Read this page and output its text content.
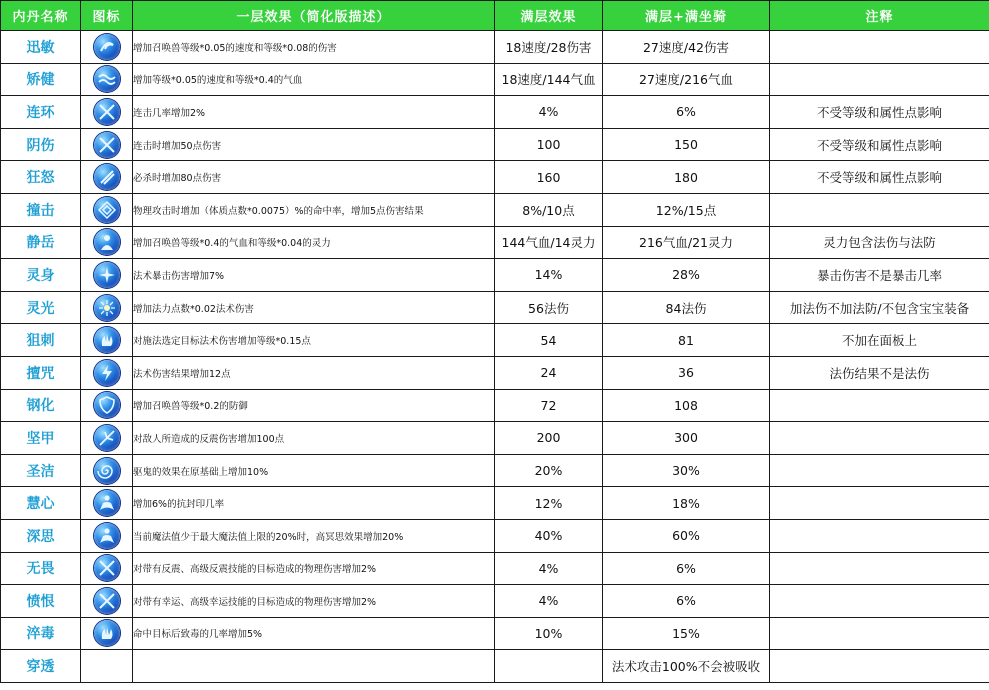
内丹名称	图标	一层效果（简化版描述）	满层效果	满层+满坐骑	注释
迅敏		增加召唤兽等级*0.05的速度和等级*0.08的伤害	18速度/28伤害	27速度/42伤害	
矫健		增加等级*0.05的速度和等级*0.4的气血	18速度/144气血	27速度/216气血	
连环		连击几率增加2%	4%	6%	不受等级和属性点影响
阴伤		连击时增加50点伤害	100	150	不受等级和属性点影响
狂怒		必杀时增加80点伤害	160	180	不受等级和属性点影响
撞击		物理攻击时增加（体质点数*0.0075）%的命中率，增加5点伤害结果	8%/10点	12%/15点	
静岳		增加召唤兽等级*0.4的气血和等级*0.04的灵力	144气血/14灵力	216气血/21灵力	灵力包含法伤与法防
灵身		法术暴击伤害增加7%	14%	28%	暴击伤害不是暴击几率
灵光		增加法力点数*0.02法术伤害	56法伤	84法伤	加法伤不加法防/不包含宝宝装备
狙刺		对施法选定目标法术伤害增加等级*0.15点	54	81	不加在面板上
擅咒		法术伤害结果增加12点	24	36	法伤结果不是法伤
钢化		增加召唤兽等级*0.2的防御	72	108	
坚甲		对敌人所造成的反震伤害增加100点	200	300	
圣洁		驱鬼的效果在原基础上增加10%	20%	30%	
慧心		增加6%的抗封印几率	12%	18%	
深思		当前魔法值少于最大魔法值上限的20%时，高冥思效果增加20%	40%	60%	
无畏		对带有反震、高级反震技能的目标造成的物理伤害增加2%	4%	6%	
愤恨		对带有幸运、高级幸运技能的目标造成的物理伤害增加2%	4%	6%	
淬毒		命中目标后致毒的几率增加5%	10%	15%	
穿透				法术攻击100%不会被吸收	
